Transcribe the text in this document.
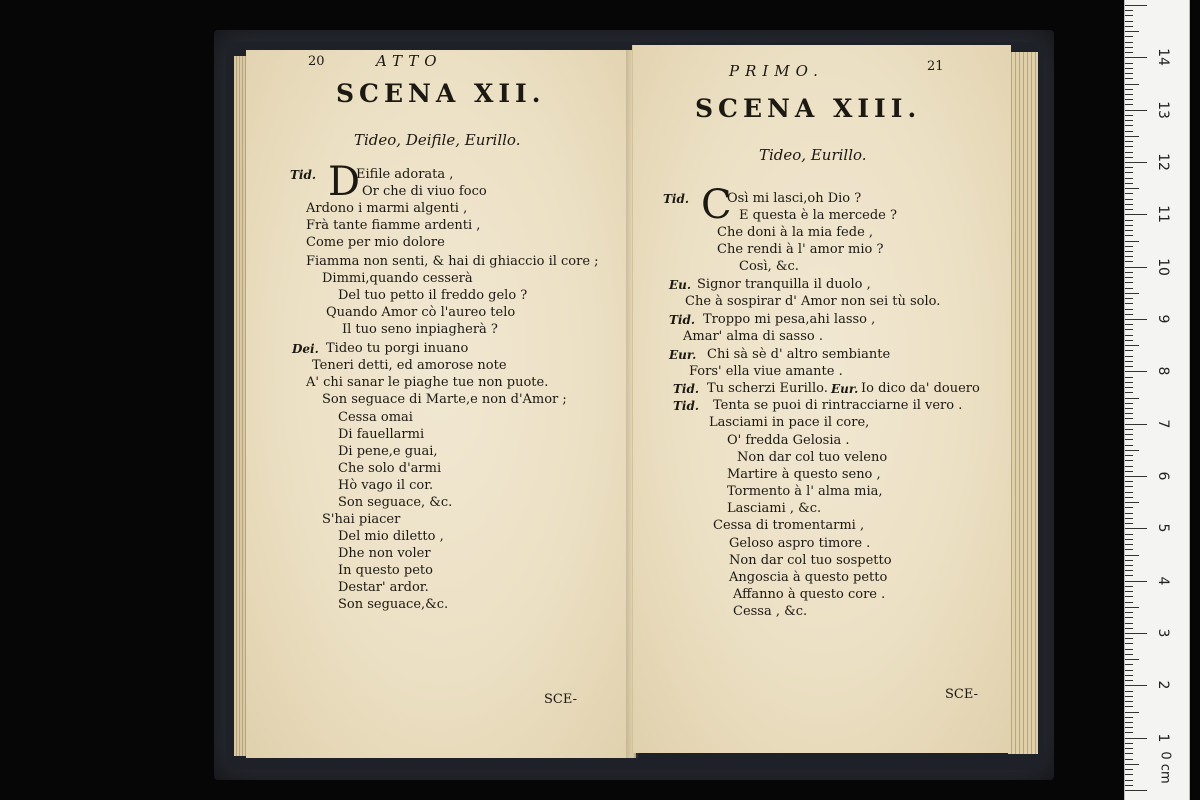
20	ATTO
SCENA XII.
Tideo, Deifile, Eurillo.
Tid. D
Eifile adorata ,
Or che di viuo foco
Ardono i marmi algenti ,
Frà tante fiamme ardenti ,
Come per mio dolore
Fiamma non senti, & hai di ghiaccio il core ;
Dimmi,quando cesserà
Del tuo petto il freddo gelo ?
Quando Amor cò l'aureo telo
Il tuo seno inpiagherà ?
Tideo tu porgi inuano
Teneri detti, ed amorose note
A' chi sanar le piaghe tue non puote.
Son seguace di Marte,e non d'Amor ;
Cessa omai
Di fauellarmi
Di pene,e guai,
Che solo d'armi
Hò vago il cor.
Son seguace, &c.
S'hai piacer
Del mio diletto ,
Dhe non voler
In questo peto
Destar' ardor.
Son seguace,&c.
Dei.
SCE-
PRIMO.	21
SCENA XIII.
Tideo, Eurillo.
Tid. C
Osì mi lasci,oh Dio ?
E questa è la mercede ?
Che doni à la mia fede ,
Che rendi à l' amor mio ?
Così, &c.
Signor tranquilla il duolo ,
Che à sospirar d' Amor non sei tù solo.
Troppo mi pesa,ahi lasso ,
Amar' alma di sasso .
Chi sà sè d' altro sembiante
Fors' ella viue amante .
Tenta se puoi di rintracciarne il vero .
Lasciami in pace il core,
O' fredda Gelosia .
Non dar col tuo veleno
Martire à questo seno ,
Tormento à l' alma mia,
Lasciami , &c.
Cessa di tromentarmi ,
Geloso aspro timore .
Non dar col tuo sospetto
Angoscia à questo petto
Affanno à questo core .
Cessa , &c.
Eu.
Tid.
Eur.
Tid. Tu scherzi Eurillo. Eur. Io dico da' douero
Tid.
SCE-
0 cm
14
13
12
11
10
9
8
7
6
5
4
3
2
1
